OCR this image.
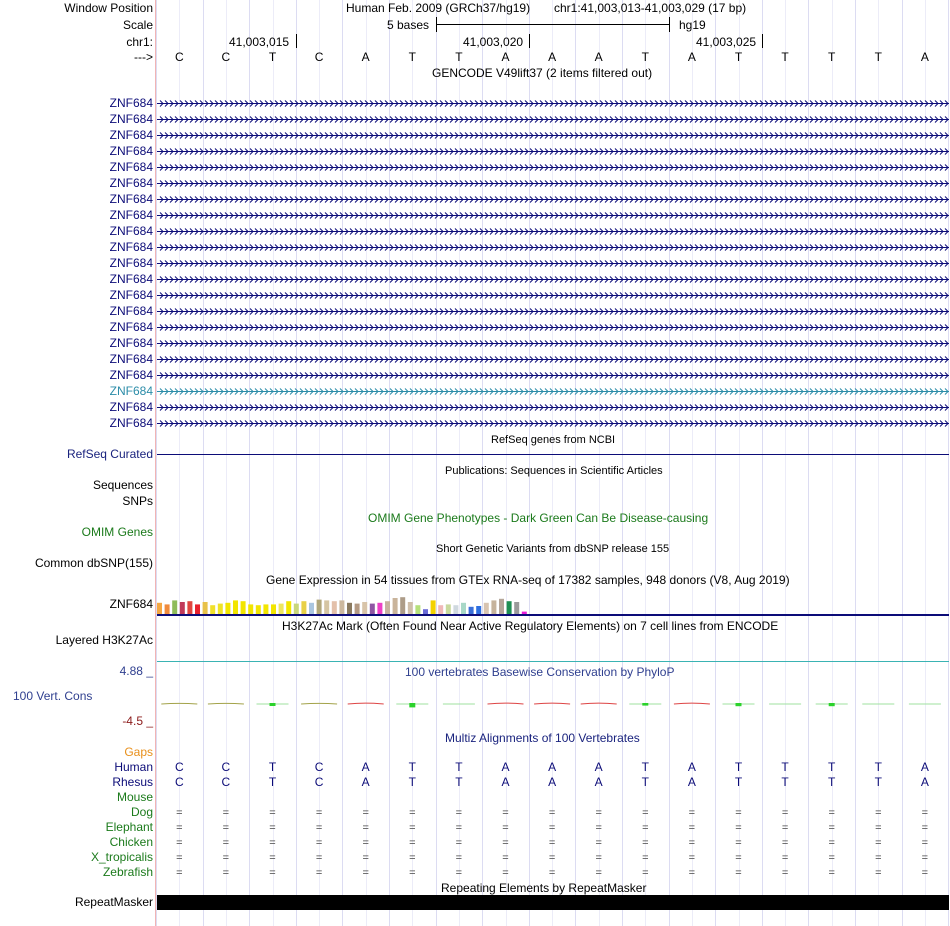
Window Position	Human Feb. 2009 (GRCh37/hg19) chr1:41,003,013-41,003,029 (17 bp)
Scale	5 bases	hg19
chr1:	41,003,015	41,003,020	41,003,025
--->	C	C	T	C	A	T	T	A	A	A	T	A	T	T	T	T	A
GENCODE V49lift37 (2 items filtered out)
ZNF684
ZNF684
ZNF684
ZNF684
ZNF684
ZNF684
ZNF684
ZNF684
ZNF684
ZNF684
ZNF684
ZNF684
ZNF684
ZNF684
ZNF684
ZNF684
ZNF684
ZNF684
ZNF684
ZNF684
ZNF684
RefSeq genes from NCBI
RefSeq Curated
Publications: Sequences in Scientific Articles
Sequences
SNPs
OMIM Gene Phenotypes - Dark Green Can Be Disease-causing
OMIM Genes
Short Genetic Variants from dbSNP release 155
Common dbSNP(155)
Gene Expression in 54 tissues from GTEx RNA-seq of 17382 samples, 948 donors (V8, Aug 2019)
ZNF684
H3K27Ac Mark (Often Found Near Active Regulatory Elements) on 7 cell lines from ENCODE
Layered H3K27Ac
100 vertebrates Basewise Conservation by PhyloP
4.88 _
100 Vert. Cons
-4.5 _
Multiz Alignments of 100 Vertebrates
Gaps
Human	C	C	T	C	A	T	T	A	A	A	T	A	T	T	T	T	A
Rhesus	C	C	T	C	A	T	T	A	A	A	T	A	T	T	T	T	A
Mouse
Dog	=	=	=	=	=	=	=	=	=	=	=	=	=	=	=	=	=
Elephant	=	=	=	=	=	=	=	=	=	=	=	=	=	=	=	=	=
Chicken	=	=	=	=	=	=	=	=	=	=	=	=	=	=	=	=	=
X_tropicalis	=	=	=	=	=	=	=	=	=	=	=	=	=	=	=	=	=
Zebrafish	=	=	=	=	=	=	=	=	=	=	=	=	=	=	=	=	=
Repeating Elements by RepeatMasker
RepeatMasker
